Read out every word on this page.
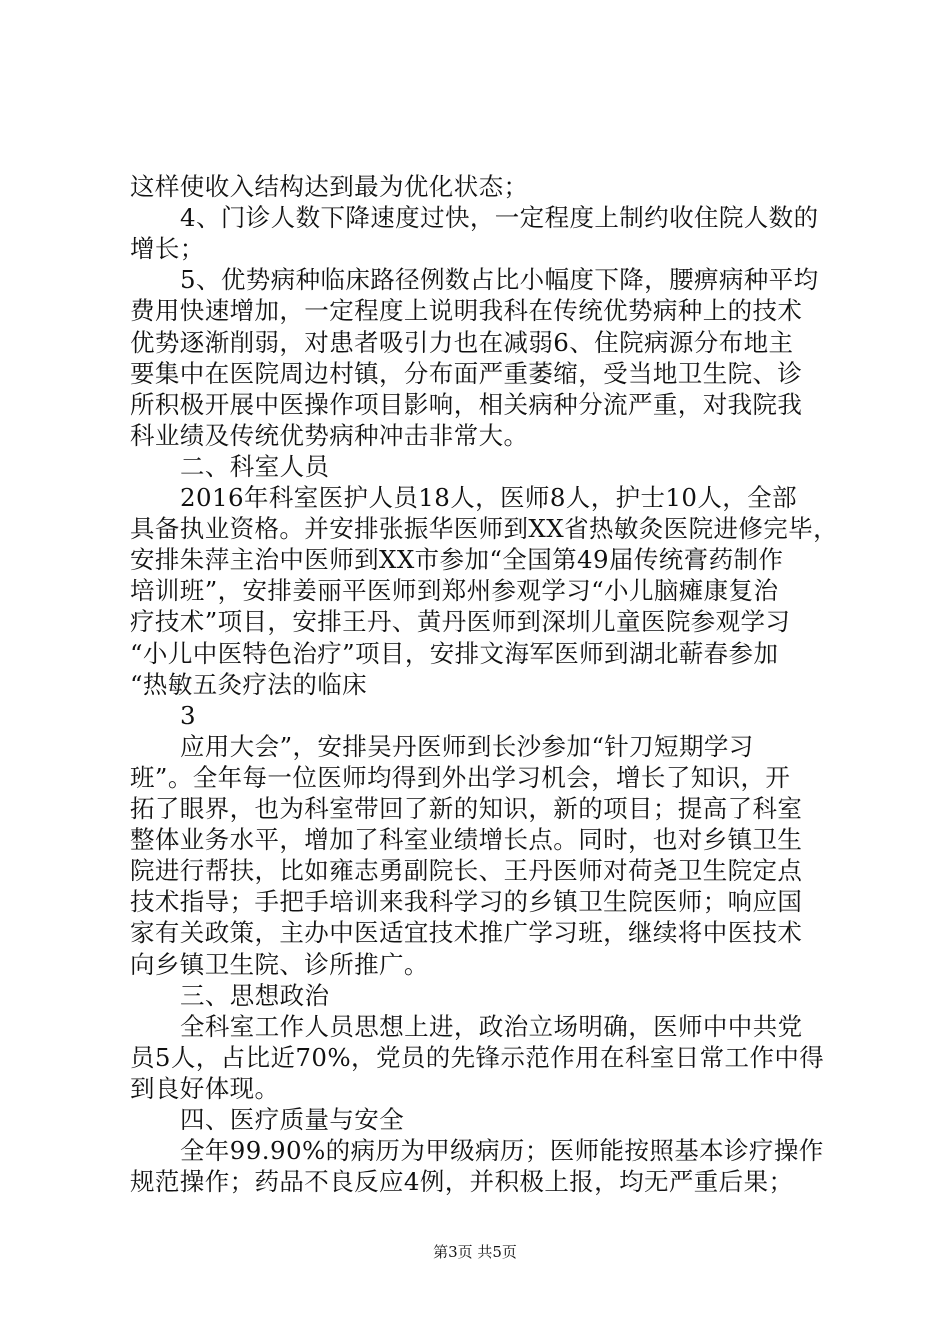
这样使收入结构达到最为优化状态；
4、门诊人数下降速度过快，一定程度上制约收住院人数的
增长；
5、优势病种临床路径例数占比小幅度下降，腰痹病种平均
费用快速增加，一定程度上说明我科在传统优势病种上的技术
优势逐渐削弱，对患者吸引力也在减弱6、住院病源分布地主
要集中在医院周边村镇，分布面严重萎缩，受当地卫生院、诊
所积极开展中医操作项目影响，相关病种分流严重，对我院我
科业绩及传统优势病种冲击非常大。
二、科室人员
2016年科室医护人员18人，医师8人，护士10人，全部
具备执业资格。并安排张振华医师到XX省热敏灸医院进修完毕，
安排朱萍主治中医师到XX市参加“全国第49届传统膏药制作
培训班”，安排姜丽平医师到郑州参观学习“小儿脑瘫康复治
疗技术”项目，安排王丹、黄丹医师到深圳儿童医院参观学习
“小儿中医特色治疗”项目，安排文海军医师到湖北蕲春参加
“热敏五灸疗法的临床
3
应用大会”，安排吴丹医师到长沙参加“针刀短期学习
班”。全年每一位医师均得到外出学习机会，增长了知识，开
拓了眼界，也为科室带回了新的知识，新的项目；提高了科室
整体业务水平，增加了科室业绩增长点。同时，也对乡镇卫生
院进行帮扶，比如雍志勇副院长、王丹医师对荷尧卫生院定点
技术指导；手把手培训来我科学习的乡镇卫生院医师；响应国
家有关政策，主办中医适宜技术推广学习班，继续将中医技术
向乡镇卫生院、诊所推广。
三、思想政治
全科室工作人员思想上进，政治立场明确，医师中中共党
员5人，占比近70%，党员的先锋示范作用在科室日常工作中得
到良好体现。
四、医疗质量与安全
全年99.90%的病历为甲级病历；医师能按照基本诊疗操作
规范操作；药品不良反应4例，并积极上报，均无严重后果；
第3页 共5页
